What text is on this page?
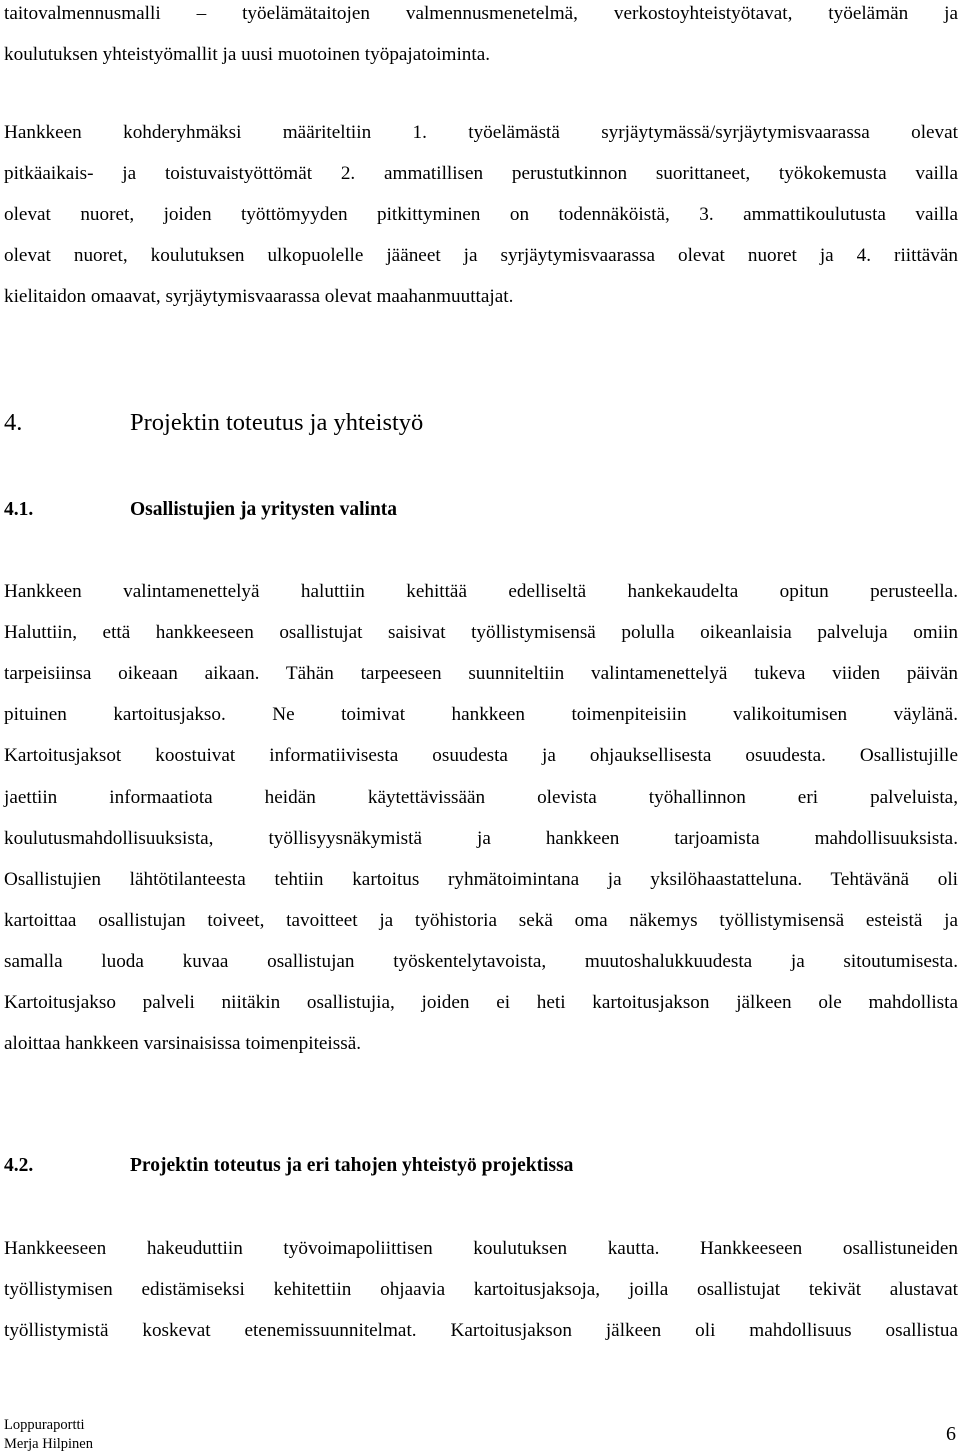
taitovalmennusmalli – työelämätaitojen valmennusmenetelmä, verkostoyhteistyötavat, työelämän ja
koulutuksen yhteistyömallit ja uusi muotoinen työpajatoiminta.
Hankkeen kohderyhmäksi määriteltiin 1. työelämästä syrjäytymässä/syrjäytymisvaarassa olevat
pitkäaikais- ja toistuvaistyöttömät 2. ammatillisen perustutkinnon suorittaneet, työkokemusta vailla
olevat nuoret, joiden työttömyyden pitkittyminen on todennäköistä, 3. ammattikoulutusta vailla
olevat nuoret, koulutuksen ulkopuolelle jääneet ja syrjäytymisvaarassa olevat nuoret ja 4. riittävän
kielitaidon omaavat, syrjäytymisvaarassa olevat maahanmuuttajat.
4.	Projektin toteutus ja yhteistyö
4.1.	Osallistujien ja yritysten valinta
Hankkeen valintamenettelyä haluttiin kehittää edelliseltä hankekaudelta opitun perusteella.
Haluttiin, että hankkeeseen osallistujat saisivat työllistymisensä polulla oikeanlaisia palveluja omiin
tarpeisiinsa oikeaan aikaan. Tähän tarpeeseen suunniteltiin valintamenettelyä tukeva viiden päivän
pituinen kartoitusjakso. Ne toimivat hankkeen toimenpiteisiin valikoitumisen väylänä.
Kartoitusjaksot koostuivat informatiivisesta osuudesta ja ohjauksellisesta osuudesta. Osallistujille
jaettiin informaatiota heidän käytettävissään olevista työhallinnon eri palveluista,
koulutusmahdollisuuksista, työllisyysnäkymistä ja hankkeen tarjoamista mahdollisuuksista.
Osallistujien lähtötilanteesta tehtiin kartoitus ryhmätoimintana ja yksilöhaastatteluna. Tehtävänä oli
kartoittaa osallistujan toiveet, tavoitteet ja työhistoria sekä oma näkemys työllistymisensä esteistä ja
samalla luoda kuvaa osallistujan työskentelytavoista, muutoshalukkuudesta ja sitoutumisesta.
Kartoitusjakso palveli niitäkin osallistujia, joiden ei heti kartoitusjakson jälkeen ole mahdollista
aloittaa hankkeen varsinaisissa toimenpiteissä.
4.2.	Projektin toteutus ja eri tahojen yhteistyö projektissa
Hankkeeseen hakeuduttiin työvoimapoliittisen koulutuksen kautta. Hankkeeseen osallistuneiden
työllistymisen edistämiseksi kehitettiin ohjaavia kartoitusjaksoja, joilla osallistujat tekivät alustavat
työllistymistä koskevat etenemissuunnitelmat. Kartoitusjakson jälkeen oli mahdollisuus osallistua
Loppuraportti
Merja Hilpinen	6
